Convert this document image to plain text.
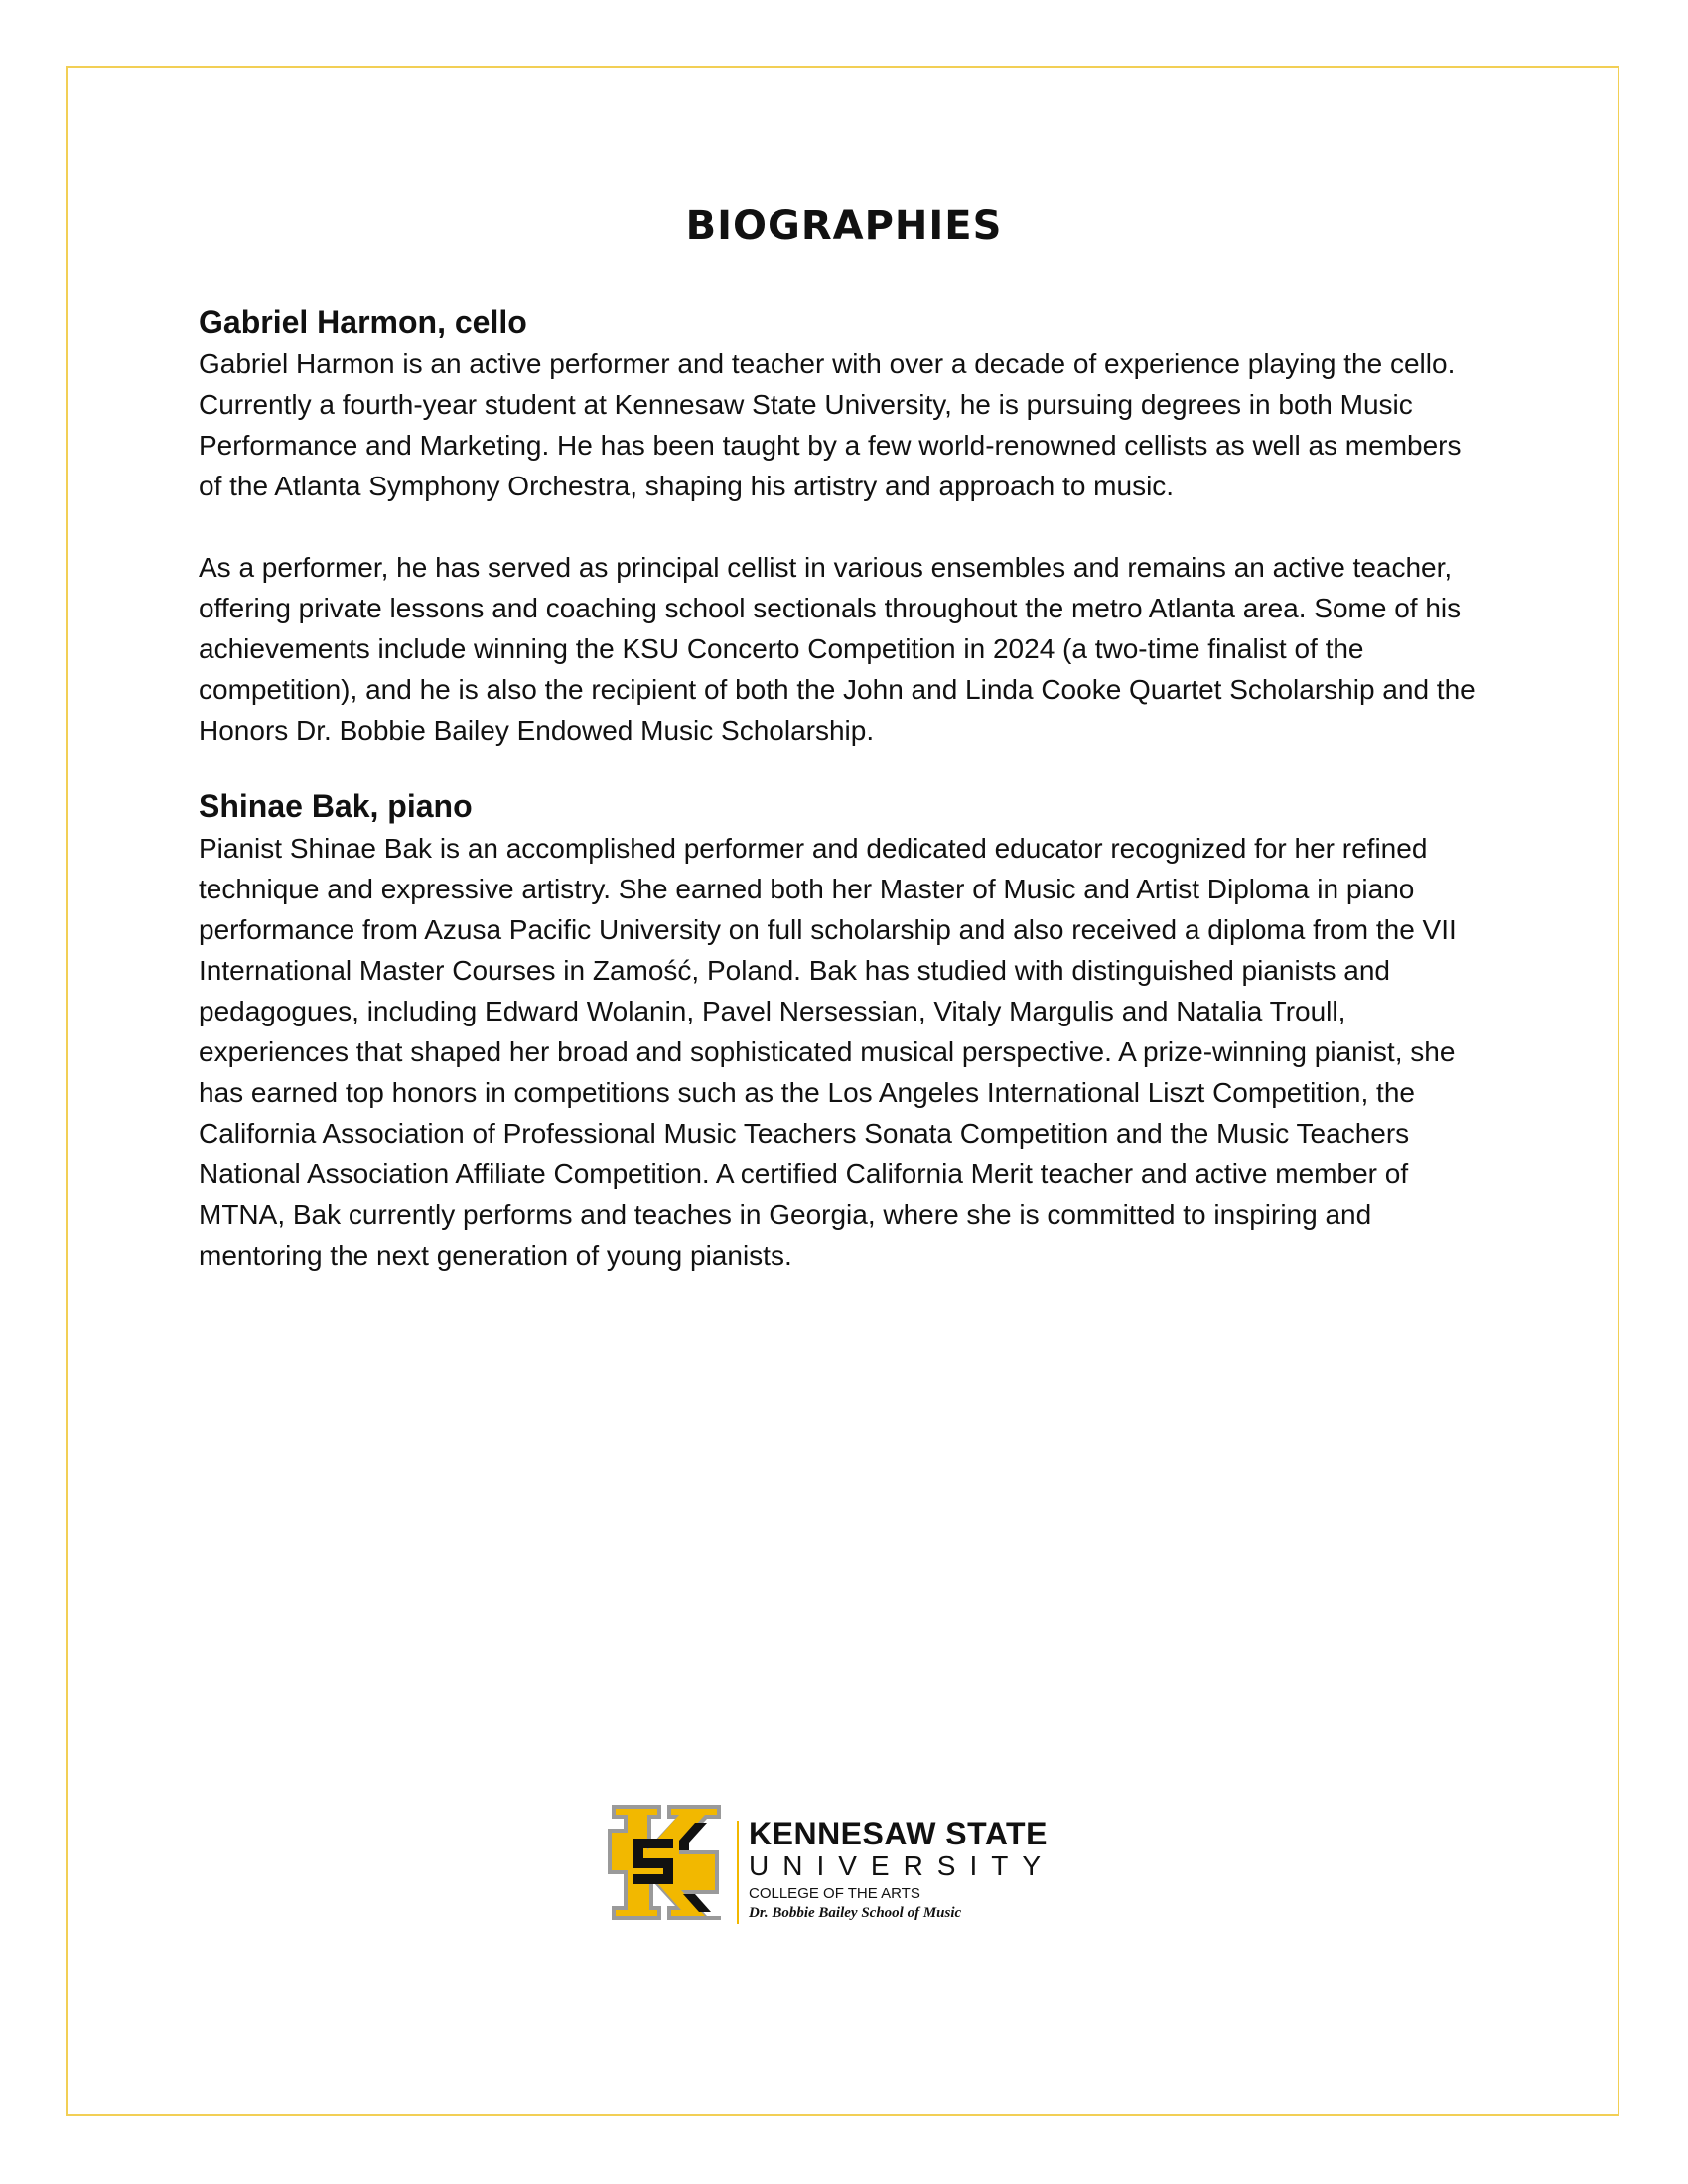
BIOGRAPHIES
Gabriel Harmon, cello

Gabriel Harmon is an active performer and teacher with over a decade of experience playing the cello. Currently a fourth-year student at Kennesaw State University, he is pursuing degrees in both Music Performance and Marketing. He has been taught by a few world-renowned cellists as well as members of the Atlanta Symphony Orchestra, shaping his artistry and approach to music.

As a performer, he has served as principal cellist in various ensembles and remains an active teacher, offering private lessons and coaching school sectionals throughout the metro Atlanta area. Some of his achievements include winning the KSU Concerto Competition in 2024 (a two-time finalist of the competition), and he is also the recipient of both the John and Linda Cooke Quartet Scholarship and the Honors Dr. Bobbie Bailey Endowed Music Scholarship.

Shinae Bak, piano

Pianist Shinae Bak is an accomplished performer and dedicated educator recognized for her refined technique and expressive artistry. She earned both her Master of Music and Artist Diploma in piano performance from Azusa Pacific University on full scholarship and also received a diploma from the VII International Master Courses in Zamość, Poland. Bak has studied with distinguished pianists and pedagogues, including Edward Wolanin, Pavel Nersessian, Vitaly Margulis and Natalia Troull, experiences that shaped her broad and sophisticated musical perspective. A prize-winning pianist, she has earned top honors in competitions such as the Los Angeles International Liszt Competition, the California Association of Professional Music Teachers Sonata Competition and the Music Teachers National Association Affiliate Competition. A certified California Merit teacher and active member of MTNA, Bak currently performs and teaches in Georgia, where she is committed to inspiring and mentoring the next generation of young pianists.

KENNESAW STATE
UNIVERSITY
COLLEGE OF THE ARTS
Dr. Bobbie Bailey School of Music
